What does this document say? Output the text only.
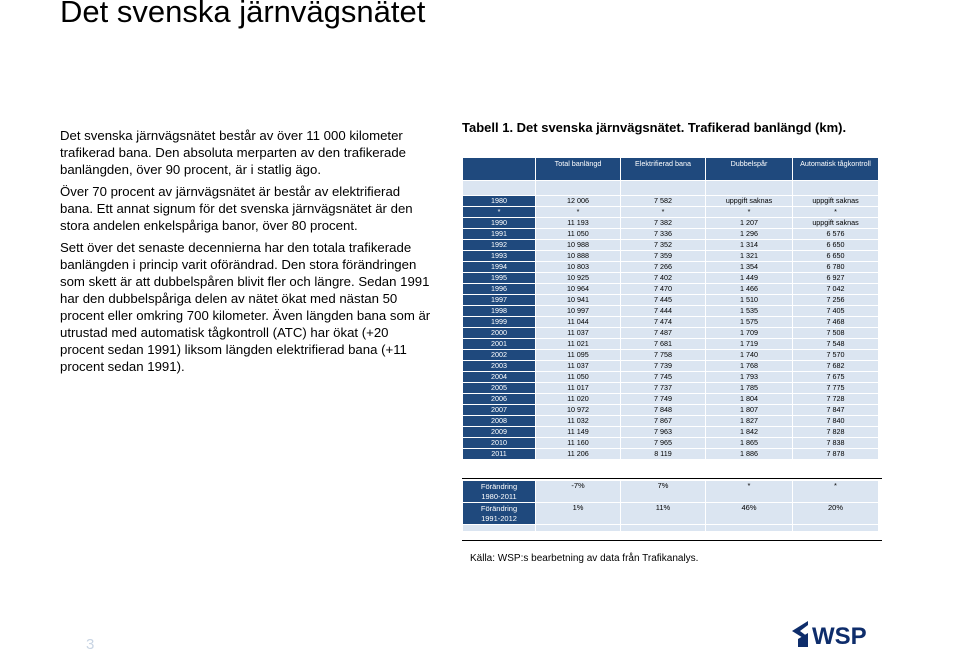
Det svenska järnvägsnätet

Det svenska järnvägsnätet består av över 11 000 kilometer trafikerad bana. Den absoluta merparten av den trafikerade banlängden, över 90 procent, är i statlig ägo.

Över 70 procent av järnvägsnätet är består av elektrifierad bana. Ett annat signum för det svenska järnvägsnätet är den stora andelen enkelspåriga banor, över 80 procent.

Sett över det senaste decennierna har den totala trafikerade banlängden i princip varit oförändrad. Den stora förändringen som skett är att dubbelspåren blivit fler och längre. Sedan 1991 har den dubbelspåriga delen av nätet ökat med nästan 50 procent eller omkring 700 kilometer. Även längden bana som är utrustad med automatisk tågkontroll (ATC) har ökat (+20 procent sedan 1991) liksom längden elektrifierad bana (+11 procent sedan 1991).

Tabell 1. Det svenska järnvägsnätet. Trafikerad banlängd (km).
	Total banlängd	Elektrifierad bana	Dubbelspår	Automatisk tågkontroll

1980	12 006	7 582	uppgift saknas	uppgift saknas
*	*	*	*	*
1990	11 193	7 382	1 207	uppgift saknas
1991	11 050	7 336	1 296	6 576
1992	10 988	7 352	1 314	6 650
1993	10 888	7 359	1 321	6 650
1994	10 803	7 266	1 354	6 780
1995	10 925	7 402	1 449	6 927
1996	10 964	7 470	1 466	7 042
1997	10 941	7 445	1 510	7 256
1998	10 997	7 444	1 535	7 405
1999	11 044	7 474	1 575	7 468
2000	11 037	7 487	1 709	7 508
2001	11 021	7 681	1 719	7 548
2002	11 095	7 758	1 740	7 570
2003	11 037	7 739	1 768	7 682
2004	11 050	7 745	1 793	7 675
2005	11 017	7 737	1 785	7 775
2006	11 020	7 749	1 804	7 728
2007	10 972	7 848	1 807	7 847
2008	11 032	7 867	1 827	7 840
2009	11 149	7 963	1 842	7 828
2010	11 160	7 965	1 865	7 838
2011	11 206	8 119	1 886	7 878
Förändring
1980-2011	-7%	7%	*	*

Förändring
1991-2012	1%	11%	46%	20%

Källa: WSP:s bearbetning av data från Trafikanalys.
3	WSP
